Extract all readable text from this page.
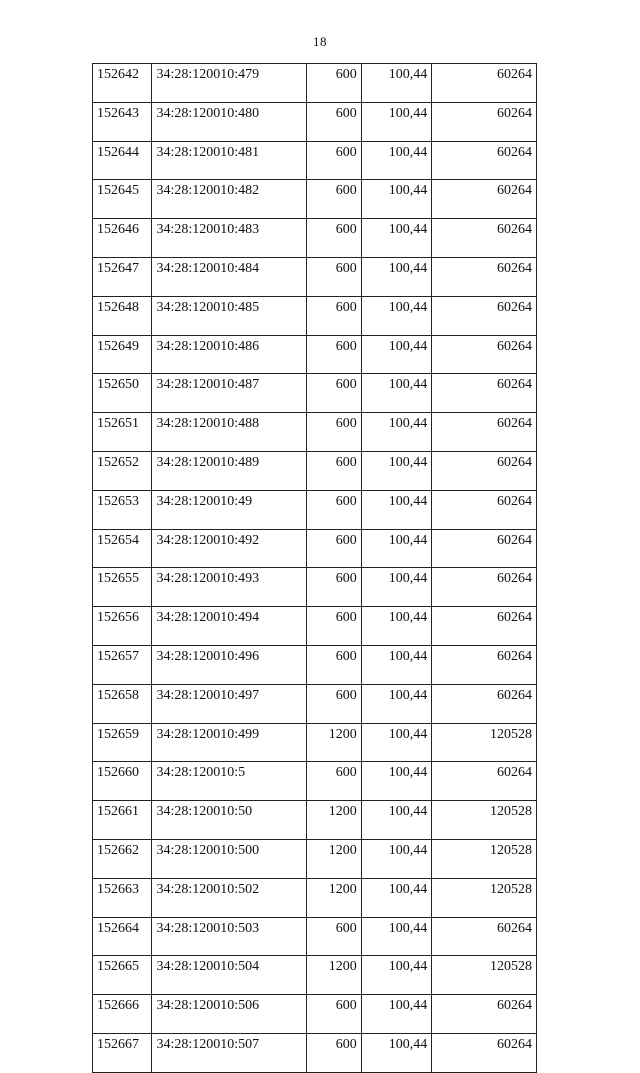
18
152642	34:28:120010:479	600	100,44	60264
152643	34:28:120010:480	600	100,44	60264
152644	34:28:120010:481	600	100,44	60264
152645	34:28:120010:482	600	100,44	60264
152646	34:28:120010:483	600	100,44	60264
152647	34:28:120010:484	600	100,44	60264
152648	34:28:120010:485	600	100,44	60264
152649	34:28:120010:486	600	100,44	60264
152650	34:28:120010:487	600	100,44	60264
152651	34:28:120010:488	600	100,44	60264
152652	34:28:120010:489	600	100,44	60264
152653	34:28:120010:49	600	100,44	60264
152654	34:28:120010:492	600	100,44	60264
152655	34:28:120010:493	600	100,44	60264
152656	34:28:120010:494	600	100,44	60264
152657	34:28:120010:496	600	100,44	60264
152658	34:28:120010:497	600	100,44	60264
152659	34:28:120010:499	1200	100,44	120528
152660	34:28:120010:5	600	100,44	60264
152661	34:28:120010:50	1200	100,44	120528
152662	34:28:120010:500	1200	100,44	120528
152663	34:28:120010:502	1200	100,44	120528
152664	34:28:120010:503	600	100,44	60264
152665	34:28:120010:504	1200	100,44	120528
152666	34:28:120010:506	600	100,44	60264
152667	34:28:120010:507	600	100,44	60264
